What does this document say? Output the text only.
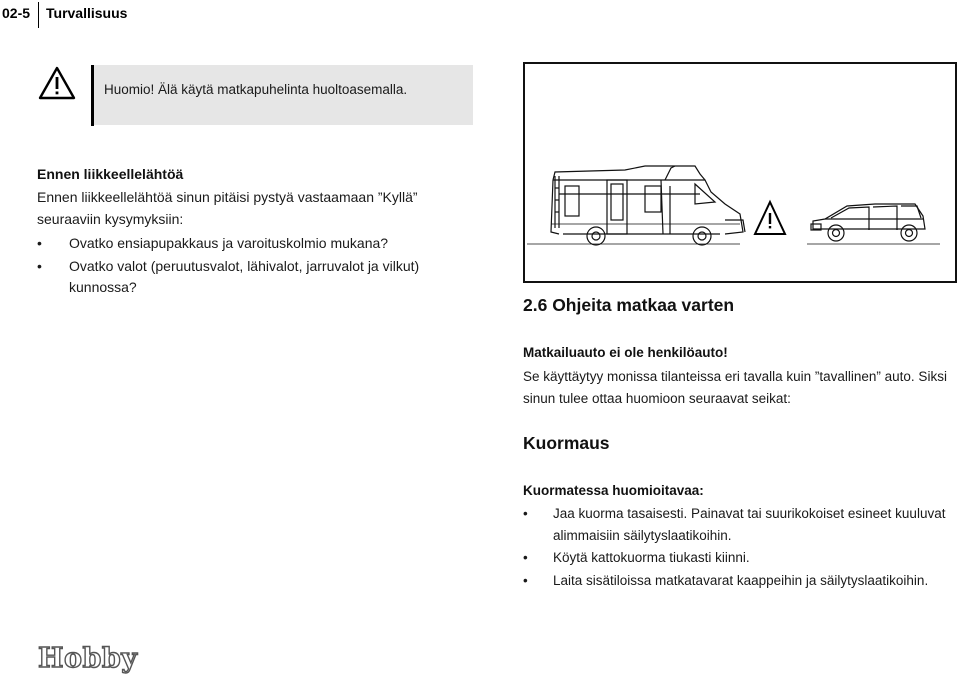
02-5 Turvallisuus
Huomio! Älä käytä matkapuhelinta huoltoasemalla.
Ennen liikkeellelähtöä
Ennen liikkeellelähtöä sinun pitäisi pystyä vastaamaan ”Kyllä” seuraaviin kysymyksiin:
• Ovatko ensiapupakkaus ja varoituskolmio mukana?
• Ovatko valot (peruutusvalot, lähivalot, jarruvalot ja vilkut) kunnossa?
2.6 Ohjeita matkaa varten
Matkailuauto ei ole henkilöauto!
Se käyttäytyy monissa tilanteissa eri tavalla kuin ”tavallinen” auto. Siksi sinun tulee ottaa huomioon seuraavat seikat:
Kuormaus
Kuormatessa huomioitavaa:
• Jaa kuorma tasaisesti. Painavat tai suurikokoiset esineet kuuluvat alimmaisiin säilytyslaatikoihin.
• Köytä kattokuorma tiukasti kiinni.
• Laita sisätiloissa matkatavarat kaappeihin ja säilytyslaatikoihin.
Hobby
